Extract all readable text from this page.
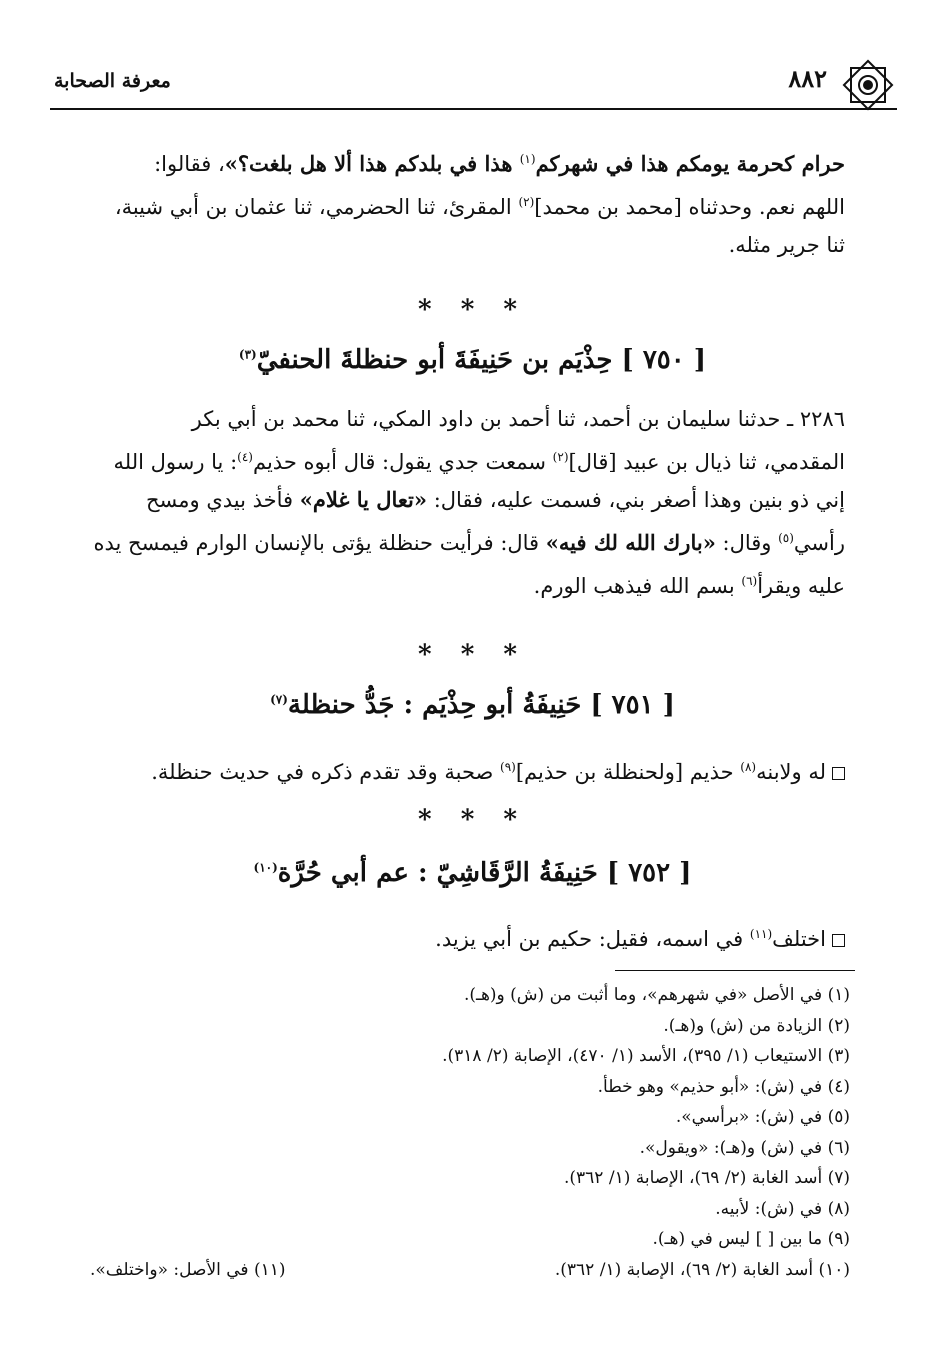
٨٨٢
معرفة الصحابة
حرام كحرمة يومكم هذا في شهركم$^{(١)}$ هذا في بلدكم هذا ألا هل بلغت؟»، فقالوا:
اللهم نعم. وحدثناه [محمد بن محمد]$^{(٢)}$ المقرئ، ثنا الحضرمي، ثنا عثمان بن أبي شيبة،
ثنا جرير مثله.
* * *
[ ٧٥٠ ] حِذْيَم بن حَنِيفَةَ أبو حنظلةَ الحنفيّ$^{(٣)}$
٢٢٨٦ ـ حدثنا سليمان بن أحمد، ثنا أحمد بن داود المكي، ثنا محمد بن أبي بكر
المقدمي، ثنا ذيال بن عبيد [قال]$^{(٢)}$ سمعت جدي يقول: قال أبوه حذيم$^{(٤)}$: يا رسول الله
إني ذو بنين وهذا أصغر بني، فسمت عليه، فقال: «تعال يا غلام» فأخذ بيدي ومسح
رأسي$^{(٥)}$ وقال: «بارك الله لك فيه» قال: فرأيت حنظلة يؤتى بالإنسان الوارم فيمسح يده
عليه ويقرأ$^{(٦)}$ بسم الله فيذهب الورم.
* * *
[ ٧٥١ ] حَنِيفَةُ أبو حِذْيَم : جَدُّ حنظلة$^{(٧)}$
له ولابنه$^{(٨)}$ حذيم [ولحنظلة بن حذيم]$^{(٩)}$ صحبة وقد تقدم ذكره في حديث حنظلة.
* * *
[ ٧٥٢ ] حَنِيفَةُ الرَّقَاشِيّ : عم أبي حُرَّة$^{(١٠)}$
اختلف$^{(١١)}$ في اسمه، فقيل: حكيم بن أبي يزيد.
(١) في الأصل «في شهرهم»، وما أثبت من (ش) و(هـ).
(٢) الزيادة من (ش) و(هـ).
(٣) الاستيعاب (١/ ٣٩٥)، الأسد (١/ ٤٧٠)، الإصابة (٢/ ٣١٨).
(٤) في (ش): «أبو حذيم» وهو خطأ.
(٥) في (ش): «برأسي».
(٦) في (ش) و(هـ): «ويقول».
(٧) أسد الغابة (٢/ ٦٩)، الإصابة (١/ ٣٦٢).
(٨) في (ش): لأبيه.
(٩) ما بين [ ] ليس في (هـ).
(١٠) أسد الغابة (٢/ ٦٩)، الإصابة (١/ ٣٦٢).
(١١) في الأصل: «واختلف».
